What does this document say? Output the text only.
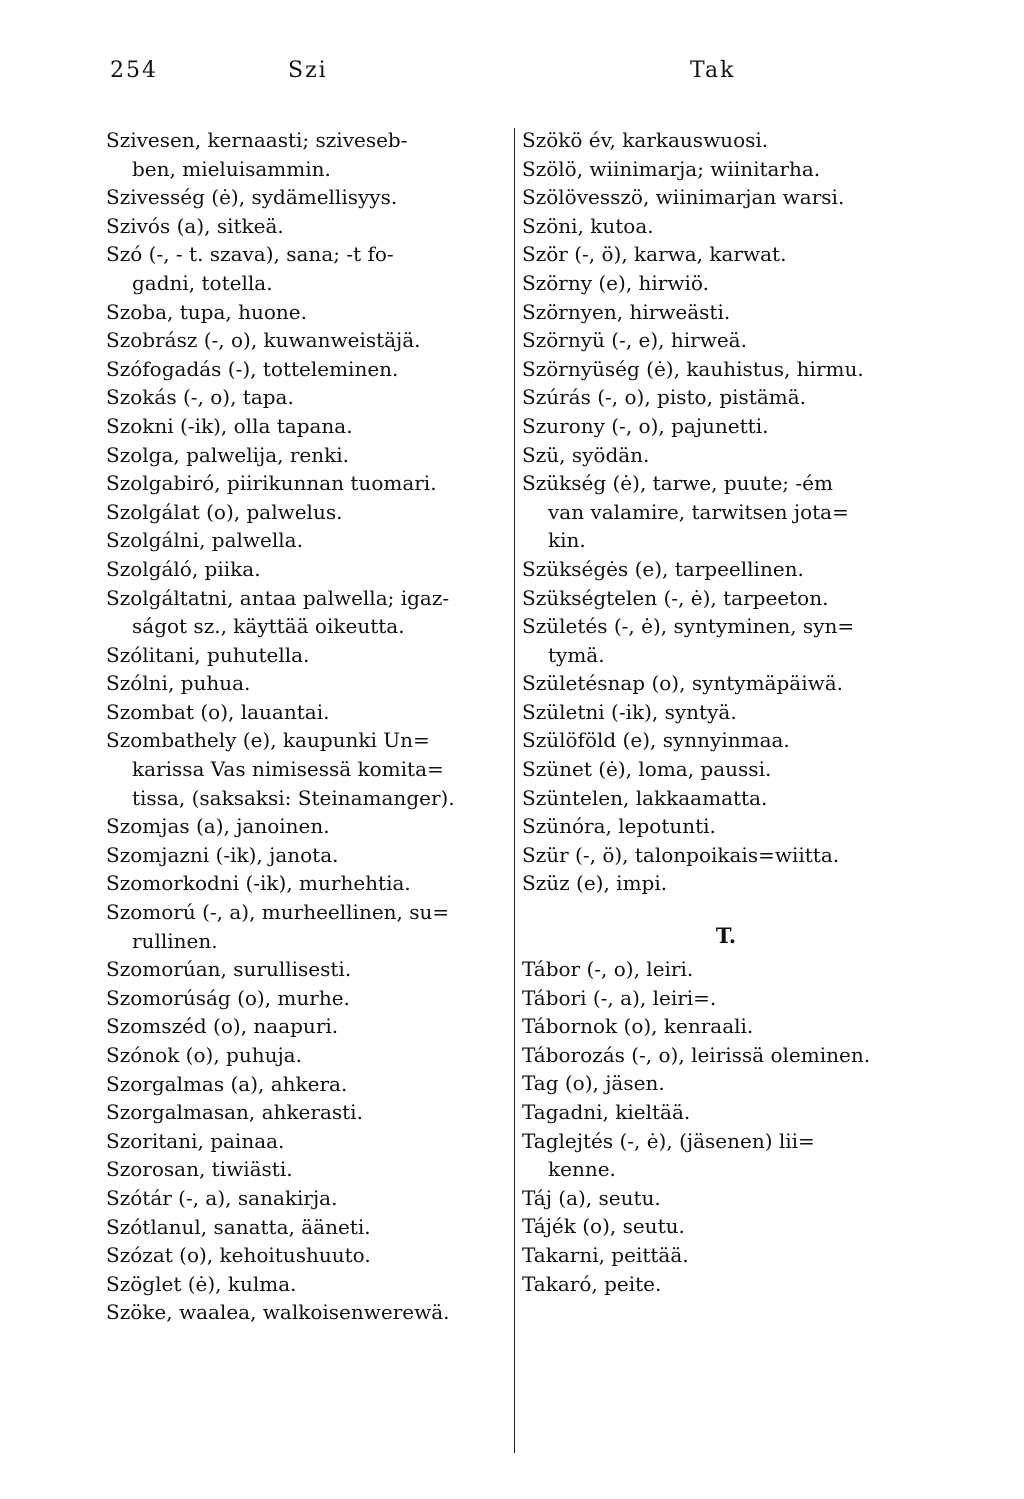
254	Szi	Tak
Szivesen, kernaasti; sziveseb-
ben, mieluisammin.
Szivesség (ė), sydämellisyys.
Szivós (a), sitkeä.
Szó (-, - t. szava), sana; -t fo-
gadni, totella.
Szoba, tupa, huone.
Szobrász (-, o), kuwanweistäjä.
Szófogadás (-), totteleminen.
Szokás (-, o), tapa.
Szokni (-ik), olla tapana.
Szolga, palwelija, renki.
Szolgabiró, piirikunnan tuomari.
Szolgálat (o), palwelus.
Szolgálni, palwella.
Szolgáló, piika.
Szolgáltatni, antaa palwella; igaz-
ságot sz., käyttää oikeutta.
Szólitani, puhutella.
Szólni, puhua.
Szombat (o), lauantai.
Szombathely (e), kaupunki Un=
karissa Vas nimisessä komita=
tissa, (saksaksi: Steinamanger).
Szomjas (a), janoinen.
Szomjazni (-ik), janota.
Szomorkodni (-ik), murhehtia.
Szomorú (-, a), murheellinen, su=
rullinen.
Szomorúan, surullisesti.
Szomorúság (o), murhe.
Szomszéd (o), naapuri.
Szónok (o), puhuja.
Szorgalmas (a), ahkera.
Szorgalmasan, ahkerasti.
Szoritani, painaa.
Szorosan, tiwiästi.
Szótár (-, a), sanakirja.
Szótlanul, sanatta, ääneti.
Szózat (o), kehoitushuuto.
Szöglet (ė), kulma.
Szöke, waalea, walkoisenwerewä.
Szökö év, karkauswuosi.
Szölö, wiinimarja; wiinitarha.
Szölövesszö, wiinimarjan warsi.
Szöni, kutoa.
Ször (-, ö), karwa, karwat.
Szörny (e), hirwiö.
Szörnyen, hirweästi.
Szörnyü (-, e), hirweä.
Szörnyüség (ė), kauhistus, hirmu.
Szúrás (-, o), pisto, pistämä.
Szurony (-, o), pajunetti.
Szü, syödän.
Szükség (ė), tarwe, puute; -ém
van valamire, tarwitsen jota=
kin.
Szükségės (e), tarpeellinen.
Szükségtelen (-, ė), tarpeeton.
Születés (-, ė), syntyminen, syn=
tymä.
Születésnap (o), syntymäpäiwä.
Születni (-ik), syntyä.
Szülöföld (e), synnyinmaa.
Szünet (ė), loma, paussi.
Szüntelen, lakkaamatta.
Szünóra, lepotunti.
Szür (-, ö), talonpoikais=wiitta.
Szüz (e), impi.
T.
Tábor (-, o), leiri.
Tábori (-, a), leiri=.
Tábornok (o), kenraali.
Táborozás (-, o), leirissä oleminen.
Tag (o), jäsen.
Tagadni, kieltää.
Taglejtés (-, ė), (jäsenen) lii=
kenne.
Táj (a), seutu.
Tájék (o), seutu.
Takarni, peittää.
Takaró, peite.
